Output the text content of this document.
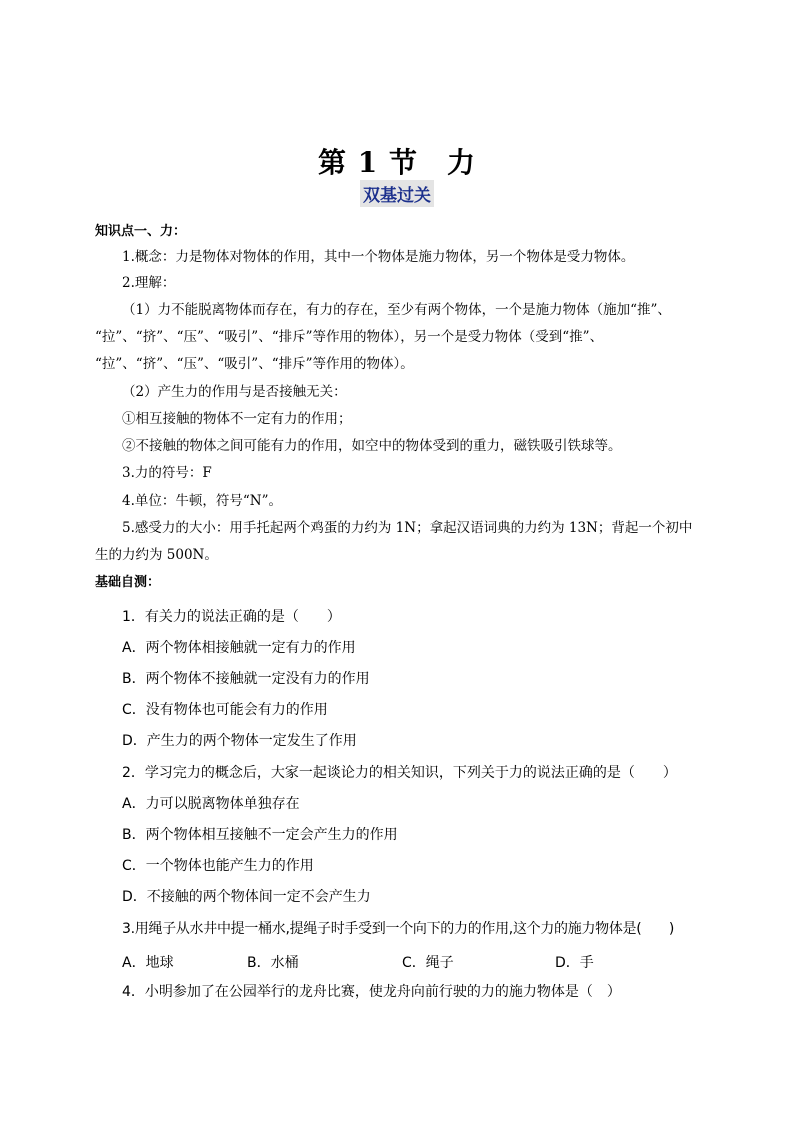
第 1 节　力
双基过关
知识点一、力：
1.概念：力是物体对物体的作用，其中一个物体是施力物体，另一个物体是受力物体。
2.理解：
（1）力不能脱离物体而存在，有力的存在，至少有两个物体，一个是施力物体（施加“推”、
“拉”、“挤”、“压”、“吸引”、“排斥”等作用的物体），另一个是受力物体（受到“推”、
“拉”、“挤”、“压”、“吸引”、“排斥”等作用的物体）。
（2）产生力的作用与是否接触无关：
①相互接触的物体不一定有力的作用；
②不接触的物体之间可能有力的作用，如空中的物体受到的重力，磁铁吸引铁球等。
3.力的符号：F
4.单位：牛顿，符号“N”。
5.感受力的大小：用手托起两个鸡蛋的力约为 1N；拿起汉语词典的力约为 13N；背起一个初中
生的力约为 500N。
基础自测：
1．有关力的说法正确的是（　　）
A．两个物体相接触就一定有力的作用
B．两个物体不接触就一定没有力的作用
C．没有物体也可能会有力的作用
D．产生力的两个物体一定发生了作用
2．学习完力的概念后，大家一起谈论力的相关知识，下列关于力的说法正确的是（　　）
A．力可以脱离物体单独存在
B．两个物体相互接触不一定会产生力的作用
C．一个物体也能产生力的作用
D．不接触的两个物体间一定不会产生力
3.用绳子从水井中提一桶水,提绳子时手受到一个向下的力的作用,这个力的施力物体是(　　)
A．地球	B．水桶	C．绳子	D．手
4．小明参加了在公园举行的龙舟比赛，使龙舟向前行驶的力的施力物体是（　）
